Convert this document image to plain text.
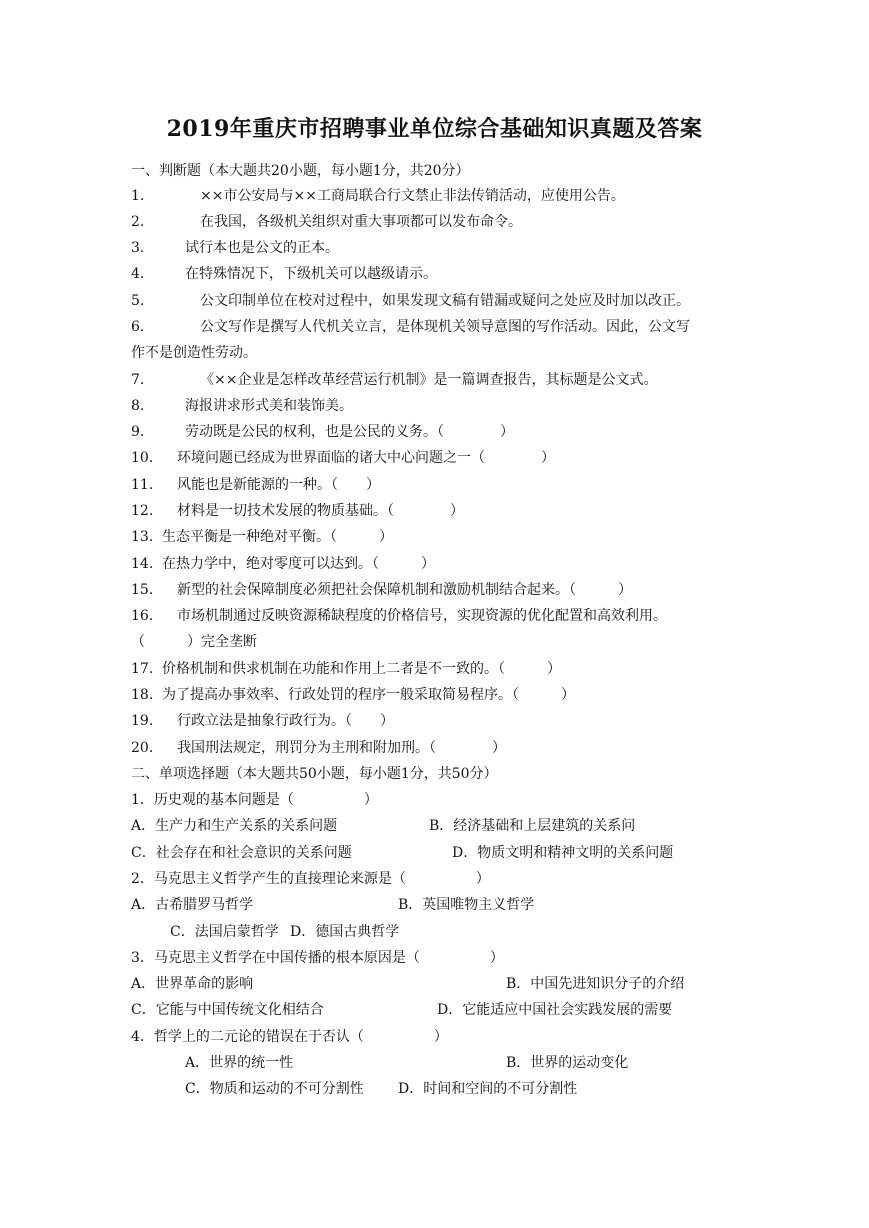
2019年重庆市招聘事业单位综合基础知识真题及答案
一、判断题（本大题共20小题，每小题1分，共20分）
1.	××市公安局与××工商局联合行文禁止非法传销活动，应使用公告。
2.	在我国，各级机关组织对重大事项都可以发布命令。
3.	试行本也是公文的正本。
4.	在特殊情况下，下级机关可以越级请示。
5.	公文印制单位在校对过程中，如果发现文稿有错漏或疑问之处应及时加以改正。
6.	公文写作是撰写人代机关立言，是体现机关领导意图的写作活动。因此，公文写
作不是创造性劳动。
7.	《××企业是怎样改革经营运行机制》是一篇调查报告，其标题是公文式。
8.	海报讲求形式美和装饰美。
9.	劳动既是公民的权利，也是公民的义务。（　　　　）
10. 环境问题已经成为世界面临的诸大中心问题之一（　　　　）
11. 风能也是新能源的一种。（　　）
12. 材料是一切技术发展的物质基础。（　　　　）
13. 生态平衡是一种绝对平衡。（　　　）
14. 在热力学中，绝对零度可以达到。（　　　）
15. 新型的社会保障制度必须把社会保障机制和激励机制结合起来。（　　　）
16. 市场机制通过反映资源稀缺程度的价格信号，实现资源的优化配置和高效利用。
（　　　）完全垄断
17. 价格机制和供求机制在功能和作用上二者是不一致的。（　　　）
18. 为了提高办事效率、行政处罚的程序一般采取简易程序。（　　　）
19. 行政立法是抽象行政行为。（　　）
20. 我国刑法规定，刑罚分为主刑和附加刑。（　　　　）
二、单项选择题（本大题共50小题，每小题1分，共50分）
1．历史观的基本问题是（　　　　　）
A．生产力和生产关系的关系问题	B．经济基础和上层建筑的关系问
C．社会存在和社会意识的关系问题	D．物质文明和精神文明的关系问题
2．马克思主义哲学产生的直接理论来源是（　　　　　）
A．古希腊罗马哲学	B．英国唯物主义哲学
C．法国启蒙哲学 D．德国古典哲学
3．马克思主义哲学在中国传播的根本原因是（　　　　　）
A．世界革命的影响	B．中国先进知识分子的介绍
C．它能与中国传统文化相结合	D．它能适应中国社会实践发展的需要
4．哲学上的二元论的错误在于否认（　　　　　）
A．世界的统一性	B．世界的运动变化
C．物质和运动的不可分割性 D．时间和空间的不可分割性
